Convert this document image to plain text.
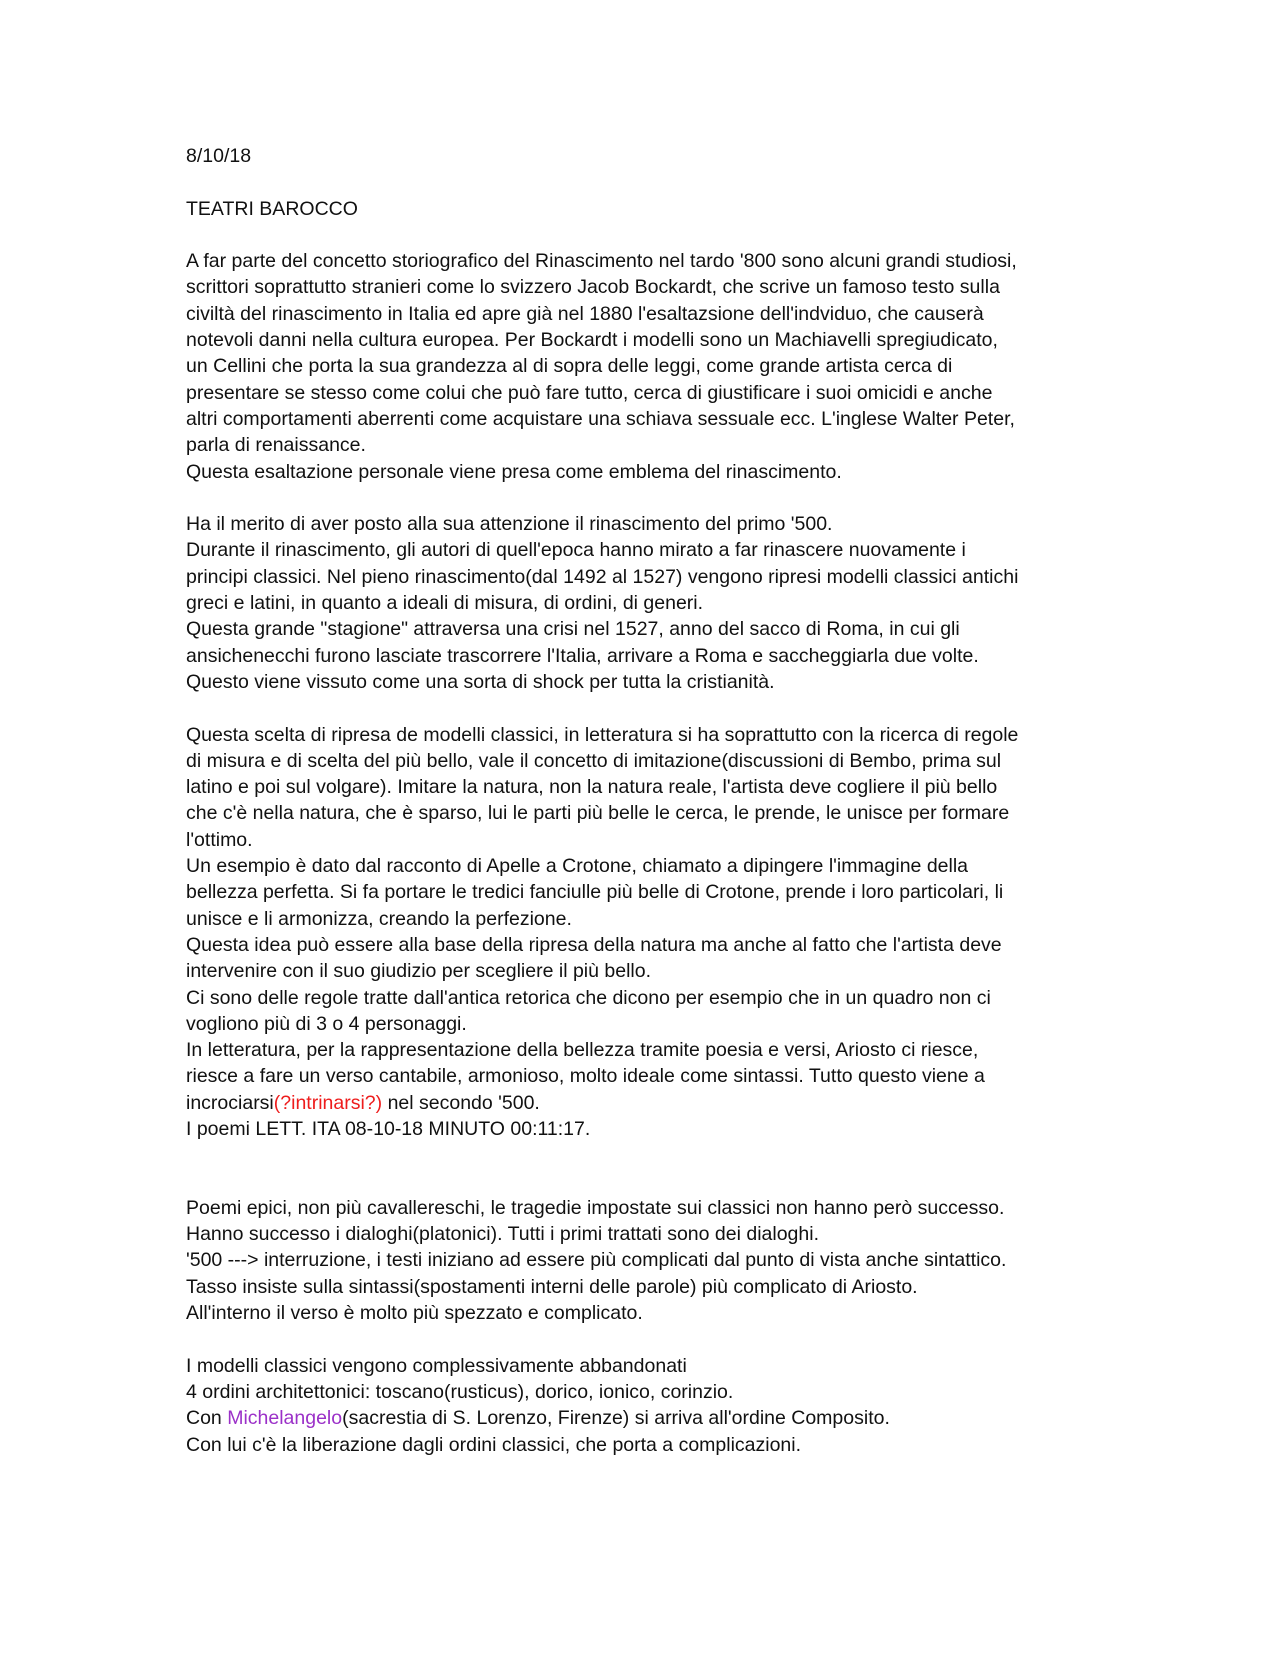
8/10/18
TEATRI BAROCCO
A far parte del concetto storiografico del Rinascimento nel tardo '800 sono alcuni grandi studiosi,
scrittori soprattutto stranieri come lo svizzero Jacob Bockardt, che scrive un famoso testo sulla
civiltà del rinascimento in Italia ed apre già nel 1880 l'esaltazsione dell'indviduo, che causerà
notevoli danni nella cultura europea. Per Bockardt i modelli sono un Machiavelli spregiudicato,
un Cellini che porta la sua grandezza al di sopra delle leggi, come grande artista cerca di
presentare se stesso come colui che può fare tutto, cerca di giustificare i suoi omicidi e anche
altri comportamenti aberrenti come acquistare una schiava sessuale ecc. L'inglese Walter Peter,
parla di renaissance.
Questa esaltazione personale viene presa come emblema del rinascimento.
Ha il merito di aver posto alla sua attenzione il rinascimento del primo '500.
Durante il rinascimento, gli autori di quell'epoca hanno mirato a far rinascere nuovamente i
principi classici. Nel pieno rinascimento(dal 1492 al 1527) vengono ripresi modelli classici antichi
greci e latini, in quanto a ideali di misura, di ordini, di generi.
Questa grande "stagione" attraversa una crisi nel 1527, anno del sacco di Roma, in cui gli
ansichenecchi furono lasciate trascorrere l'Italia, arrivare a Roma e saccheggiarla due volte.
Questo viene vissuto come una sorta di shock per tutta la cristianità.
Questa scelta di ripresa de modelli classici, in letteratura si ha soprattutto con la ricerca di regole
di misura e di scelta del più bello, vale il concetto di imitazione(discussioni di Bembo, prima sul
latino e poi sul volgare). Imitare la natura, non la natura reale, l'artista deve cogliere il più bello
che c'è nella natura, che è sparso, lui le parti più belle le cerca, le prende, le unisce per formare
l'ottimo.
Un esempio è dato dal racconto di Apelle a Crotone, chiamato a dipingere l'immagine della
bellezza perfetta. Si fa portare le tredici fanciulle più belle di Crotone, prende i loro particolari, li
unisce e li armonizza, creando la perfezione.
Questa idea può essere alla base della ripresa della natura ma anche al fatto che l'artista deve
intervenire con il suo giudizio per scegliere il più bello.
Ci sono delle regole tratte dall'antica retorica che dicono per esempio che in un quadro non ci
vogliono più di 3 o 4 personaggi.
In letteratura, per la rappresentazione della bellezza tramite poesia e versi, Ariosto ci riesce,
riesce a fare un verso cantabile, armonioso, molto ideale come sintassi. Tutto questo viene a
incrociarsi(?intrinarsi?) nel secondo '500.
I poemi LETT. ITA 08-10-18 MINUTO 00:11:17.
Poemi epici, non più cavallereschi, le tragedie impostate sui classici non hanno però successo.
Hanno successo i dialoghi(platonici). Tutti i primi trattati sono dei dialoghi.
'500 ---> interruzione, i testi iniziano ad essere più complicati dal punto di vista anche sintattico.
Tasso insiste sulla sintassi(spostamenti interni delle parole) più complicato di Ariosto.
All'interno il verso è molto più spezzato e complicato.
I modelli classici vengono complessivamente abbandonati
4 ordini architettonici: toscano(rusticus), dorico, ionico, corinzio.
Con Michelangelo(sacrestia di S. Lorenzo, Firenze) si arriva all'ordine Composito.
Con lui c'è la liberazione dagli ordini classici, che porta a complicazioni.
